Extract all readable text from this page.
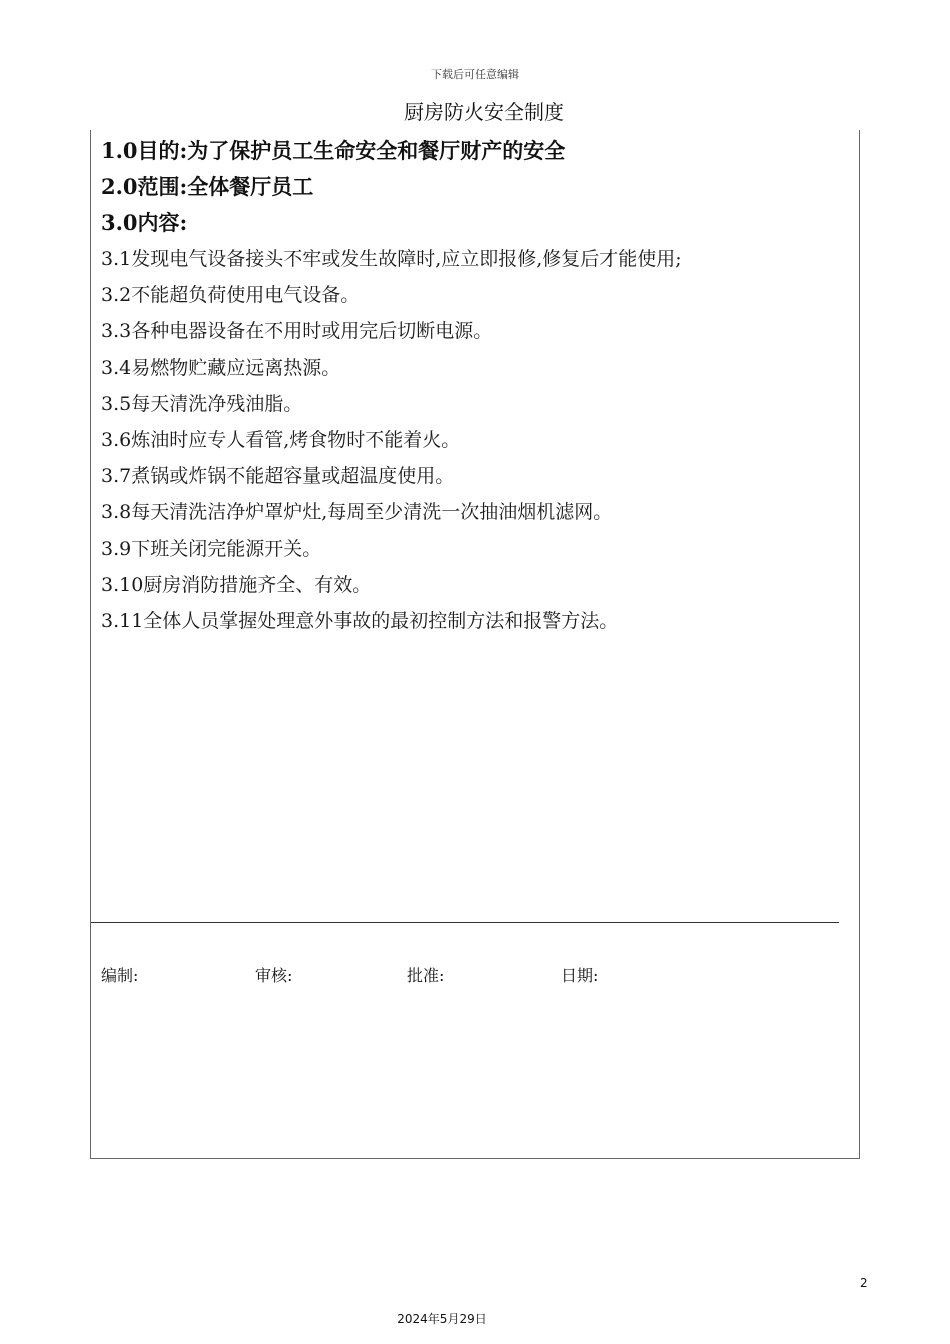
下载后可任意编辑
厨房防火安全制度
1.0目的:为了保护员工生命安全和餐厅财产的安全
2.0范围:全体餐厅员工
3.0内容:
3.1发现电气设备接头不牢或发生故障时,应立即报修,修复后才能使用;
3.2不能超负荷使用电气设备。
3.3各种电器设备在不用时或用完后切断电源。
3.4易燃物贮藏应远离热源。
3.5每天清洗净残油脂。
3.6炼油时应专人看管,烤食物时不能着火。
3.7煮锅或炸锅不能超容量或超温度使用。
3.8每天清洗洁净炉罩炉灶,每周至少清洗一次抽油烟机滤网。
3.9下班关闭完能源开关。
3.10厨房消防措施齐全、有效。
3.11全体人员掌握处理意外事故的最初控制方法和报警方法。
编制:	审核:	批准:	日期:
2
2024年5月29日
